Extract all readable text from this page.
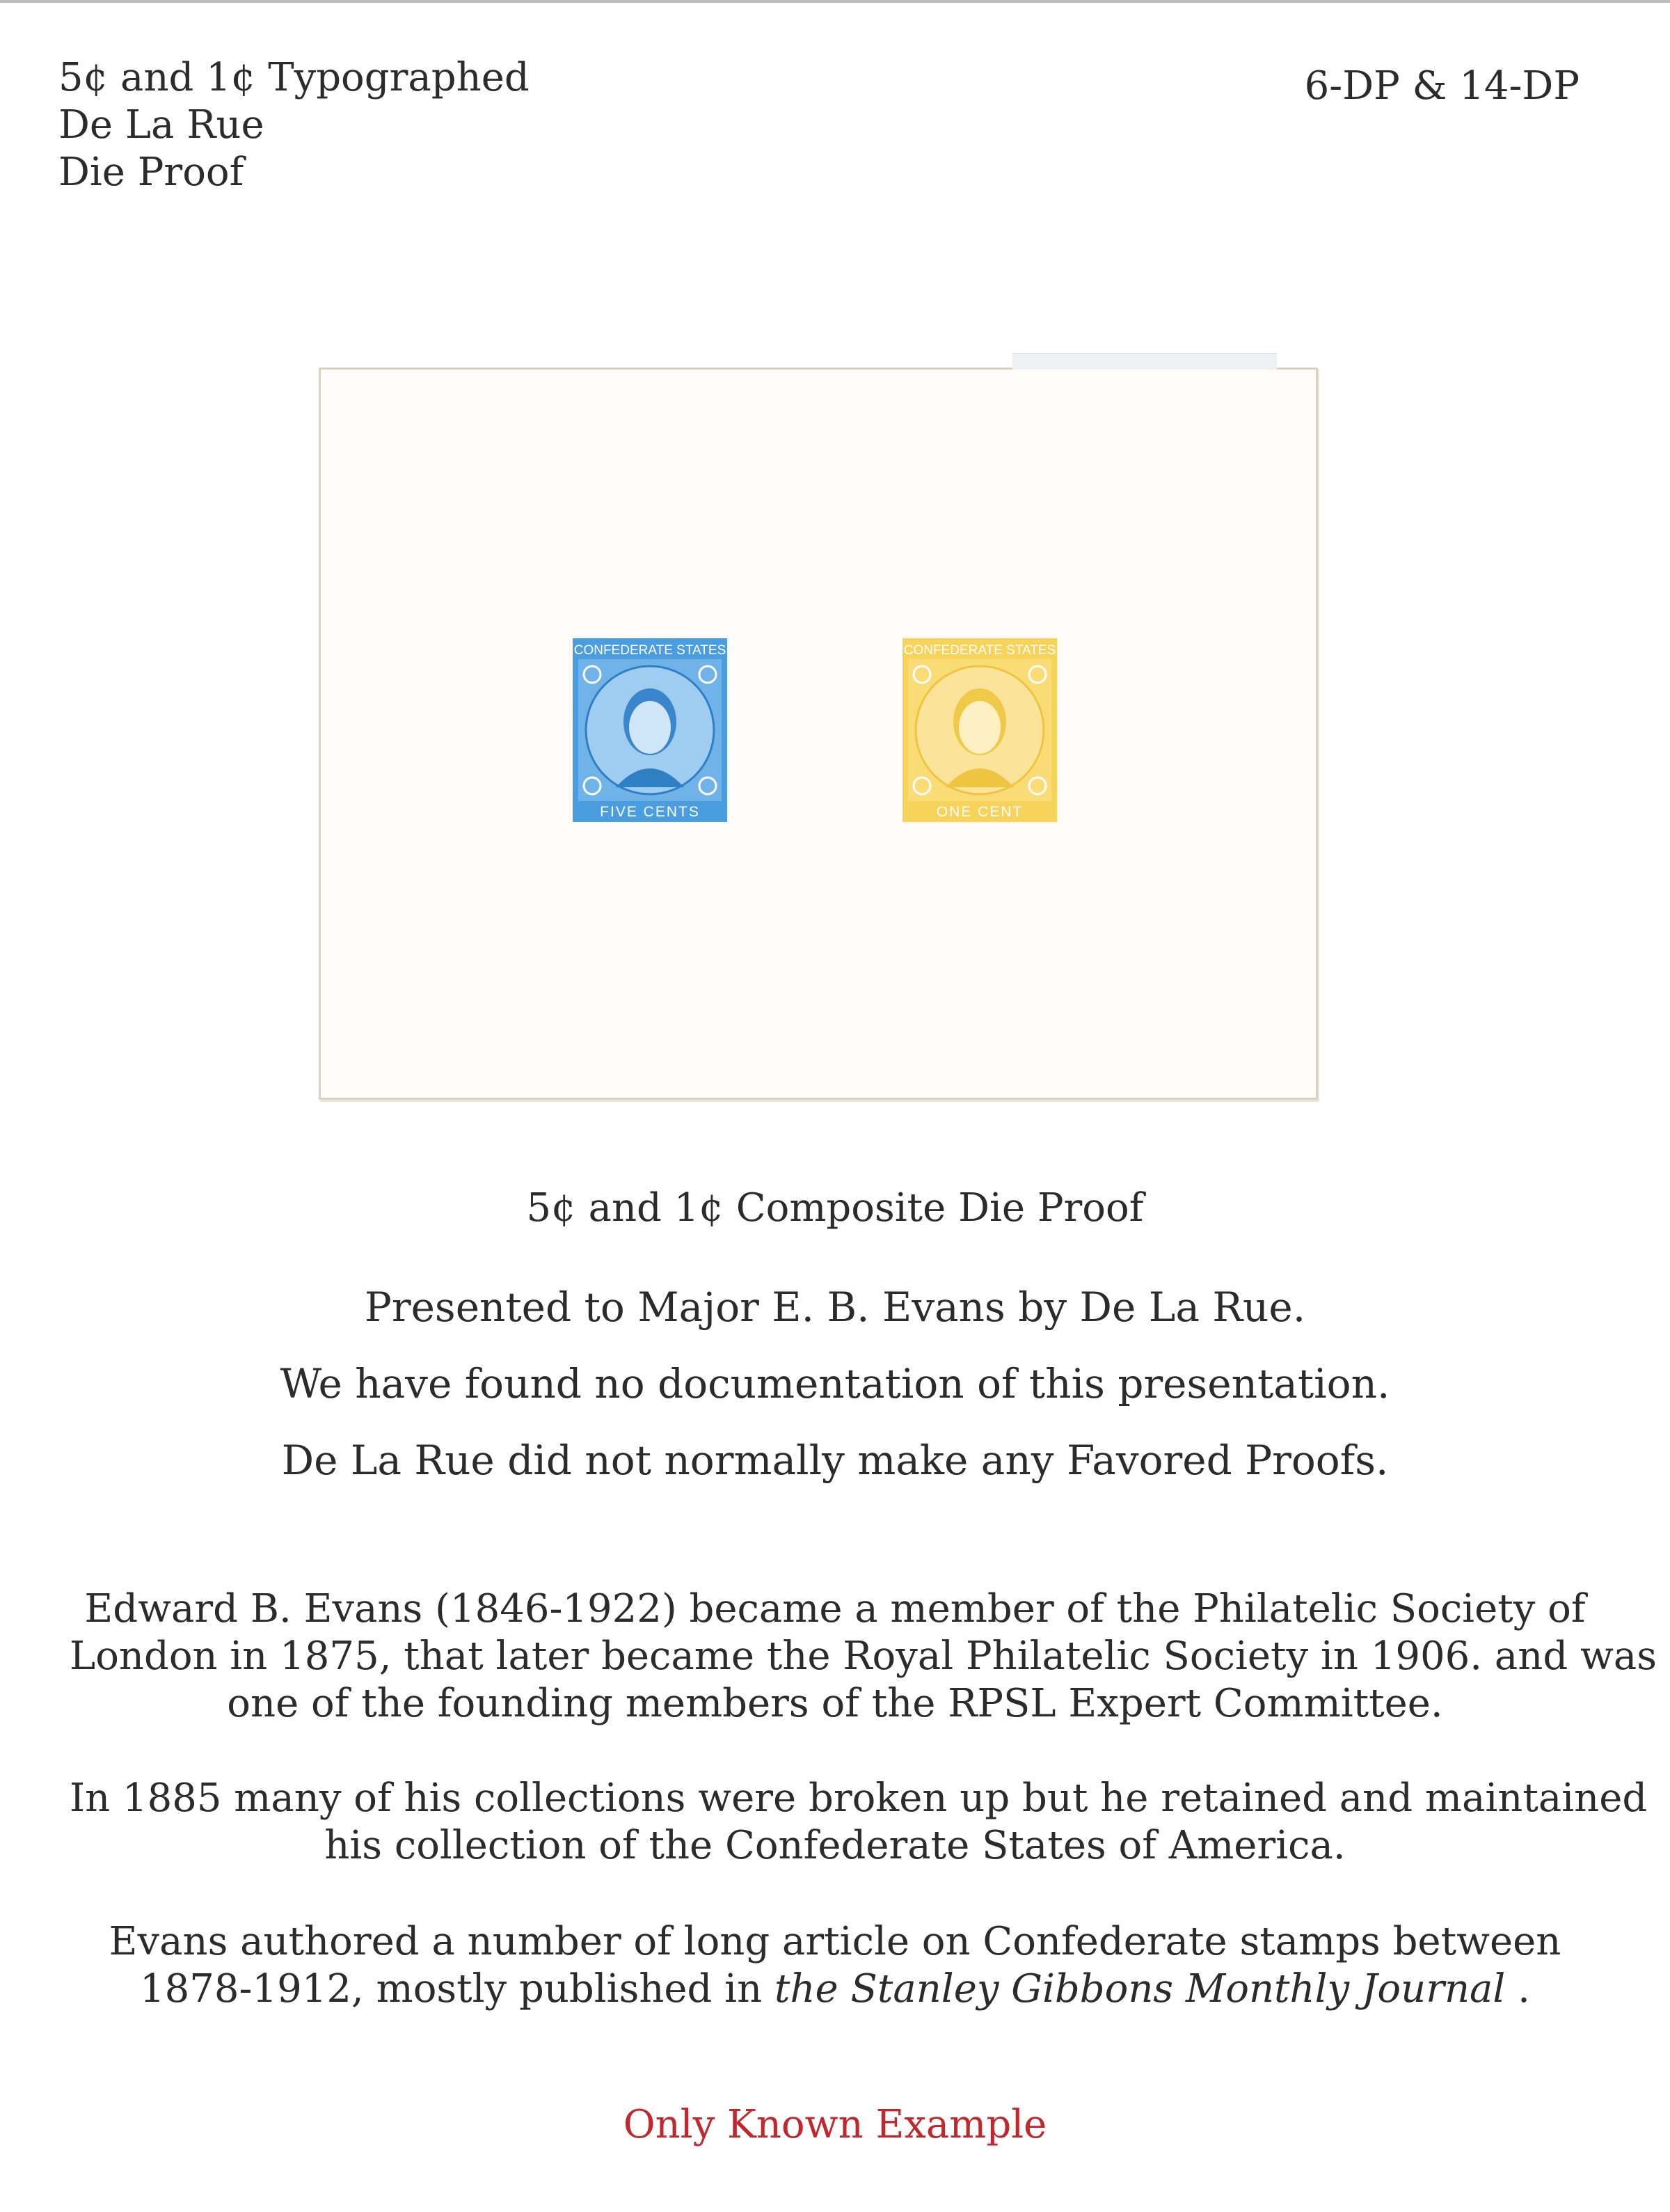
5¢ and 1¢ Typographed
De La Rue
Die Proof
6-DP & 14-DP
CONFEDERATE STATES
FIVE CENTS
CONFEDERATE STATES
ONE CENT
5¢ and 1¢ Composite Die Proof
Presented to Major E. B. Evans by De La Rue.
We have found no documentation of this presentation.
De La Rue did not normally make any Favored Proofs.
Edward B. Evans (1846-1922) became a member of the Philatelic Society of
London in 1875, that later became the Royal Philatelic Society in 1906. and was
one of the founding members of the RPSL Expert Committee.
In 1885 many of his collections were broken up but he retained and maintained
his collection of the Confederate States of America.
Evans authored a number of long article on Confederate stamps between
1878-1912, mostly published in the Stanley Gibbons Monthly Journal .
Only Known Example
